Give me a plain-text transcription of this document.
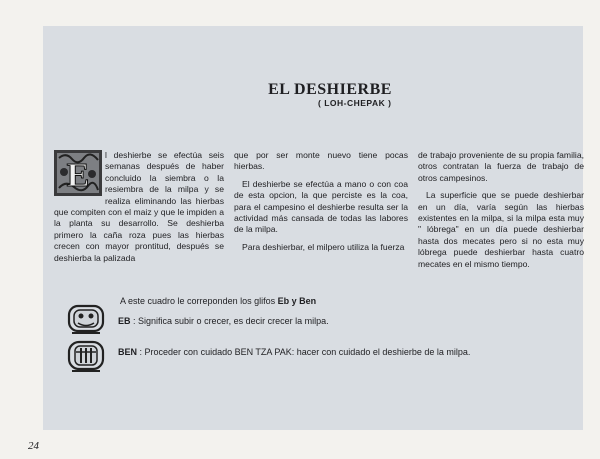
EL DESHIERBE
( LOH-CHEPAK )

E
l deshierbe se efectúa seis semanas después de haber concluido la siembra o la resiembra de la milpa y se realiza eliminando las hierbas que compiten con el maiz y que le impiden a la planta su desarrollo. Se deshierba primero la caña roza pues las hierbas crecen con mayor prontitud, después se deshierba la palizada

que por ser monte nuevo tiene pocas hierbas.

El deshierbe se efectúa a mano o con coa de esta opcion, la que perciste es la coa, para el campesino el deshierbe resulta ser la actividad más cansada de todas las labores de la milpa.

Para deshierbar, el milpero utiliza la fuerza

de trabajo proveniente de su propia familia, otros contratan la fuerza de trabajo de otros campesinos.

La superficie que se puede deshierbar en un día, varía según las hierbas existentes en la milpa, si la milpa esta muy " lóbrega" en un día puede deshierbar hasta dos mecates pero si no esta muy lóbrega puede deshierbar hasta cuatro mecates en el mismo tiempo.

A este cuadro le correponden los glifos Eb y Ben
EB : Significa subir o crecer, es decir crecer la milpa.
BEN : Proceder con cuidado BEN TZA PAK: hacer con cuidado el deshierbe de la milpa.
24
